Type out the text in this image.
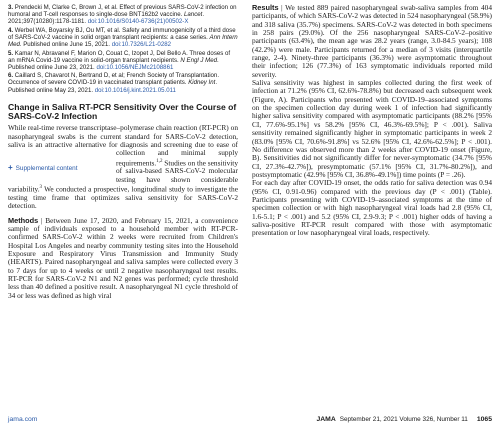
3. Prendecki M, Clarke C, Brown J, et al. Effect of previous SARS-CoV-2 infection on humoral and T-cell responses to single-dose BNT162b2 vaccine. Lancet. 2021;397(10280):1178-1181. doi:10.1016/S0140-6736(21)00502-X

4. Werbel WA, Boyarsky BJ, Ou MT, et al. Safety and immunogenicity of a third dose of SARS-CoV-2 vaccine in solid organ transplant recipients: a case series. Ann Intern Med. Published online June 15, 2021. doi:10.7326/L21-0282

5. Kamar N, Abravanel F, Marion O, Couat C, Izopet J, Del Bello A. Three doses of an mRNA Covid-19 vaccine in solid-organ transplant recipients. N Engl J Med. Published online June 23, 2021. doi:10.1056/NEJMc2108861

6. Caillard S, Chavarot N, Bertrand D, et al; French Society of Transplantation. Occurrence of severe COVID-19 in vaccinated transplant patients. Kidney Int. Published online May 23, 2021. doi:10.1016/j.kint.2021.05.011

Change in Saliva RT-PCR Sensitivity Over the Course of SARS-CoV-2 Infection

While real-time reverse transcriptase–polymerase chain reaction (RT-PCR) on nasopharyngeal swabs is the current standard for SARS-CoV-2 detection, saliva is an attractive alternative for diagnosis and screening due to ease of
+ Supplemental content
collection and minimal supply requirements.$^{1,2}$ Studies on the sensitivity of saliva-based SARS-CoV-2 molecular testing have shown considerable variability.$^3$ We conducted a prospective, longitudinal study to investigate the testing time frame that optimizes saliva sensitivity for SARS-CoV-2 detection.

Methods | Between June 17, 2020, and February 15, 2021, a convenience sample of individuals exposed to a household member with RT-PCR-confirmed SARS-CoV-2 within 2 weeks were recruited from Children's Hospital Los Angeles and nearby community testing sites into the Household Exposure and Respiratory Virus Transmission and Immunity Study (HEARTS). Paired nasopharyngeal and saliva samples were collected every 3 to 7 days for up to 4 weeks or until 2 negative nasopharyngeal test results. RT-PCR for SARS-CoV-2 N1 and N2 genes was performed; cycle threshold less than 40 defined a positive result. A nasopharyngeal N1 cycle threshold of 34 or less was defined as high viral

Results | We tested 889 paired nasopharyngeal swab-saliva samples from 404 participants, of which SARS-CoV-2 was detected in 524 nasopharyngeal (58.9%) and 318 saliva (35.7%) specimens. SARS-CoV-2 was detected in both specimens in 258 pairs (29.0%). Of the 256 nasopharyngeal SARS-CoV-2–positive participants (63.4%), the mean age was 28.2 years (range, 3.0-84.5 years); 108 (42.2%) were male. Participants returned for a median of 3 visits (interquartile range, 2-4). Ninety-three participants (36.3%) were asymptomatic throughout their infection; 126 (77.3%) of 163 symptomatic individuals reported mild severity.

Saliva sensitivity was highest in samples collected during the first week of infection at 71.2% (95% CI, 62.6%-78.8%) but decreased each subsequent week (Figure, A). Participants who presented with COVID-19–associated symptoms on the specimen collection day during week 1 of infection had significantly higher saliva sensitivity compared with asymptomatic participants (88.2% [95% CI, 77.6%-95.1%] vs 58.2% [95% CI, 46.3%-69.5%]; P < .001). Saliva sensitivity remained significantly higher in symptomatic participants in week 2 (83.0% [95% CI, 70.6%-91.8%] vs 52.6% [95% CI, 42.6%-62.5%]; P < .001). No difference was observed more than 2 weeks after COVID-19 onset (Figure, B). Sensitivities did not significantly differ for never-symptomatic (34.7% [95% CI, 27.3%-42.7%]), presymptomatic (57.1% [95% CI, 31.7%-80.2%]), and postsymptomatic (42.9% [95% CI, 36.8%-49.1%]) time points (P = .26).

For each day after COVID-19 onset, the odds ratio for saliva detection was 0.94 (95% CI, 0.91-0.96) compared with the previous day (P < .001) (Table). Participants presenting with COVID-19–associated symptoms at the time of specimen collection or with high nasopharyngeal viral loads had 2.8 (95% CI, 1.6-5.1; P < .001) and 5.2 (95% CI, 2.9-9.3; P < .001) higher odds of having a saliva-positive RT-PCR result compared with those with asymptomatic presentation or low nasopharyngeal viral loads, respectively.

jama.com	JAMA September 21, 2021 Volume 326, Number 11 1065
